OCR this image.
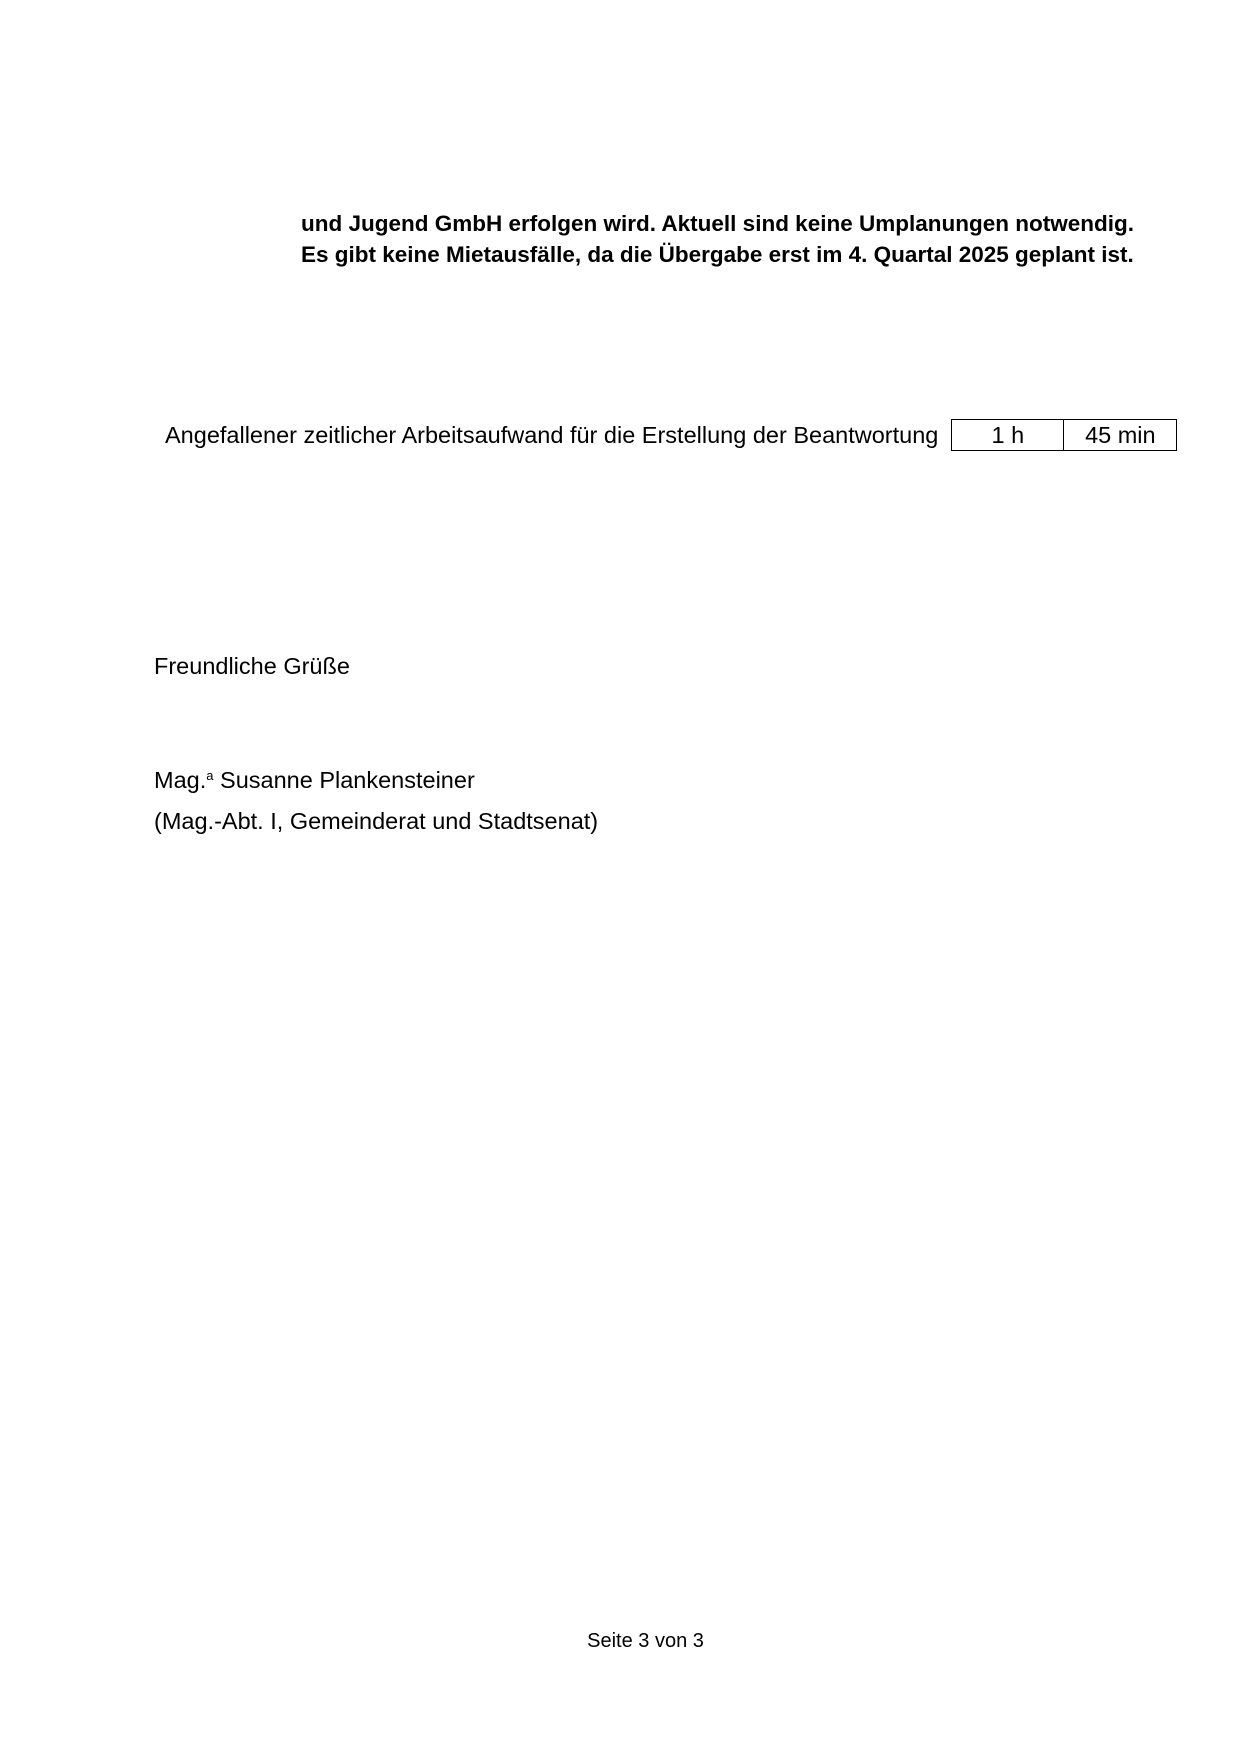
und Jugend GmbH erfolgen wird. Aktuell sind keine Umplanungen notwendig.
Es gibt keine Mietausfälle, da die Übergabe erst im 4. Quartal 2025 geplant ist.
Angefallener zeitlicher Arbeitsaufwand für die Erstellung der Beantwortung	1 h	45 min
Freundliche Grüße
Mag.$^a$ Susanne Plankensteiner
(Mag.-Abt. I, Gemeinderat und Stadtsenat)
Seite 3 von 3
